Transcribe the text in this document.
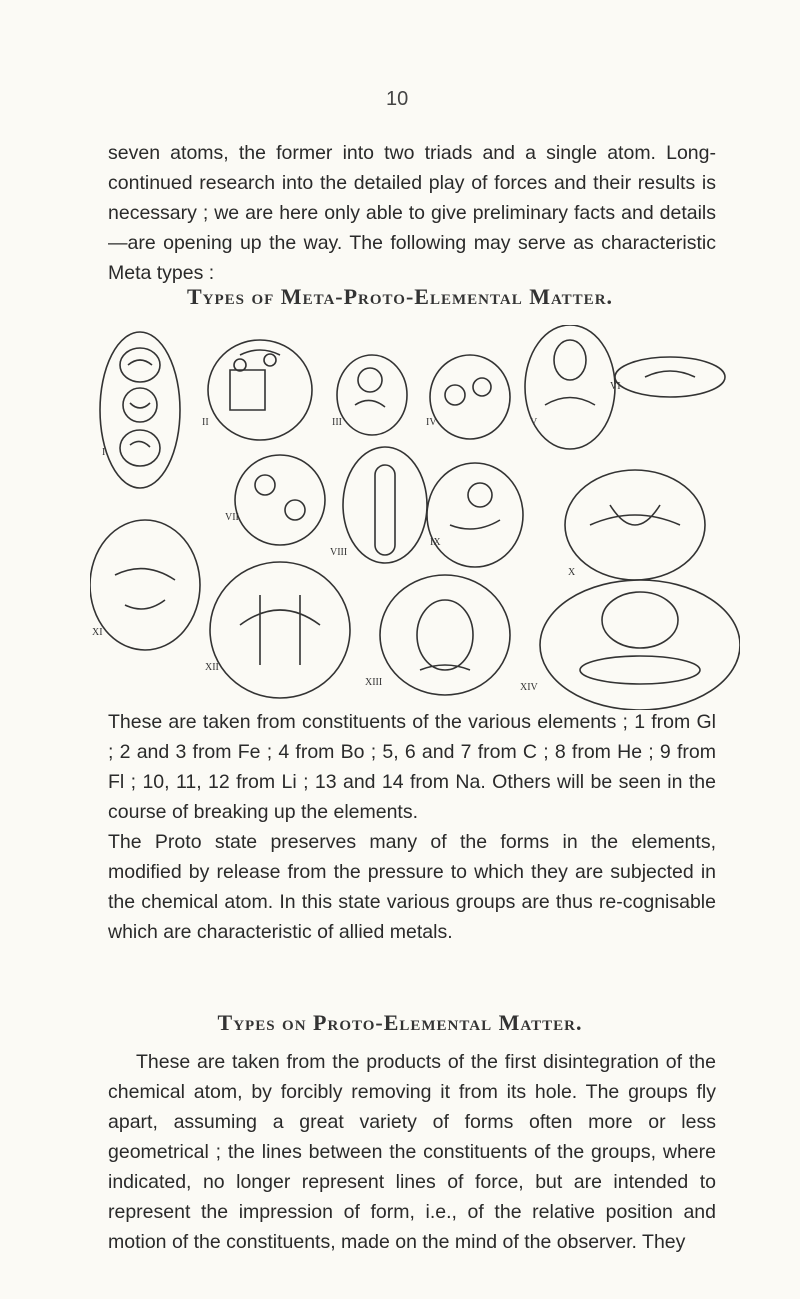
10

seven atoms, the former into two triads and a single atom. Long-continued research into the detailed play of forces and their results is necessary ; we are here only able to give preliminary facts and details—are opening up the way. The following may serve as characteristic Meta types :

Types of Meta-Proto-Elemental Matter.
I
II	III	IV	V
VI
VII
VIII
IX
X
XI
XII
XIII	XIV

These are taken from constituents of the various elements ; 1 from Gl ; 2 and 3 from Fe ; 4 from Bo ; 5, 6 and 7 from C ; 8 from He ; 9 from Fl ; 10, 11, 12 from Li ; 13 and 14 from Na. Others will be seen in the course of breaking up the elements.

The Proto state preserves many of the forms in the elements, modified by release from the pressure to which they are subjected in the chemical atom. In this state various groups are thus re-cognisable which are characteristic of allied metals.

Types on Proto-Elemental Matter.

These are taken from the products of the first disintegration of the chemical atom, by forcibly removing it from its hole. The groups fly apart, assuming a great variety of forms often more or less geometrical ; the lines between the constituents of the groups, where indicated, no longer represent lines of force, but are intended to represent the impression of form, i.e., of the relative position and motion of the constituents, made on the mind of the observer. They
